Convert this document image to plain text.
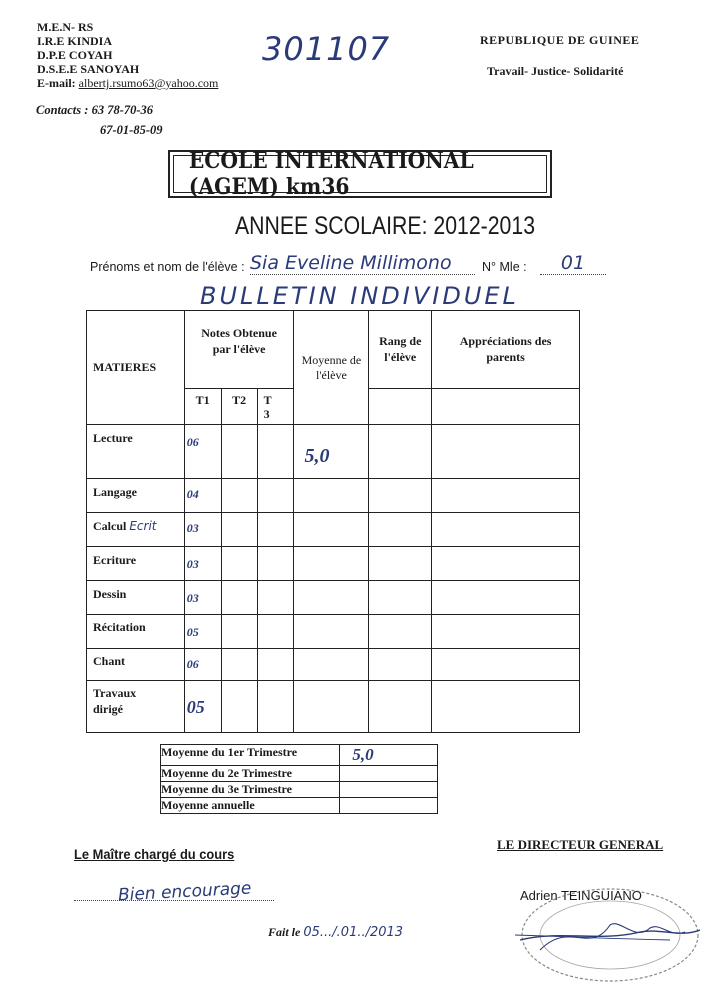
M.E.N- RS
I.R.E KINDIA
D.P.E COYAH
D.S.E.E SANOYAH
E-mail: albertj.rsumo63@yahoo.com
Contacts : 63 78-70-36
67-01-85-09
301107	REPUBLIQUE DE GUINEE
Travail- Justice- Solidarité
ECOLE INTERNATIONAL (AGEM) km36
ANNEE SCOLAIRE: 2012-2013
Prénoms et nom de l'élève : Sia Eveline Millimono	N° Mle :	01
BULLETIN INDIVIDUEL
MATIERES	Notes Obtenue par l'élève			Moyenne de l'élève	Rang de l'élève	Appréciations des parents
	T1	T2	T 3			
Lecture	06			5,0		
Langage	04					
Calcul Ecrit	03					
Ecriture	03					
Dessin	03					
Récitation	05					
Chant	06					
Travaux dirigé	05					
Moyenne du 1er Trimestre	5,0
Moyenne du 2e Trimestre	
Moyenne du 3e Trimestre	
Moyenne annuelle	
Le Maître chargé du cours
Bien encourage
LE DIRECTEUR GENERAL
Adrien TEINGUIANO
Fait le 05.../.01../2013
